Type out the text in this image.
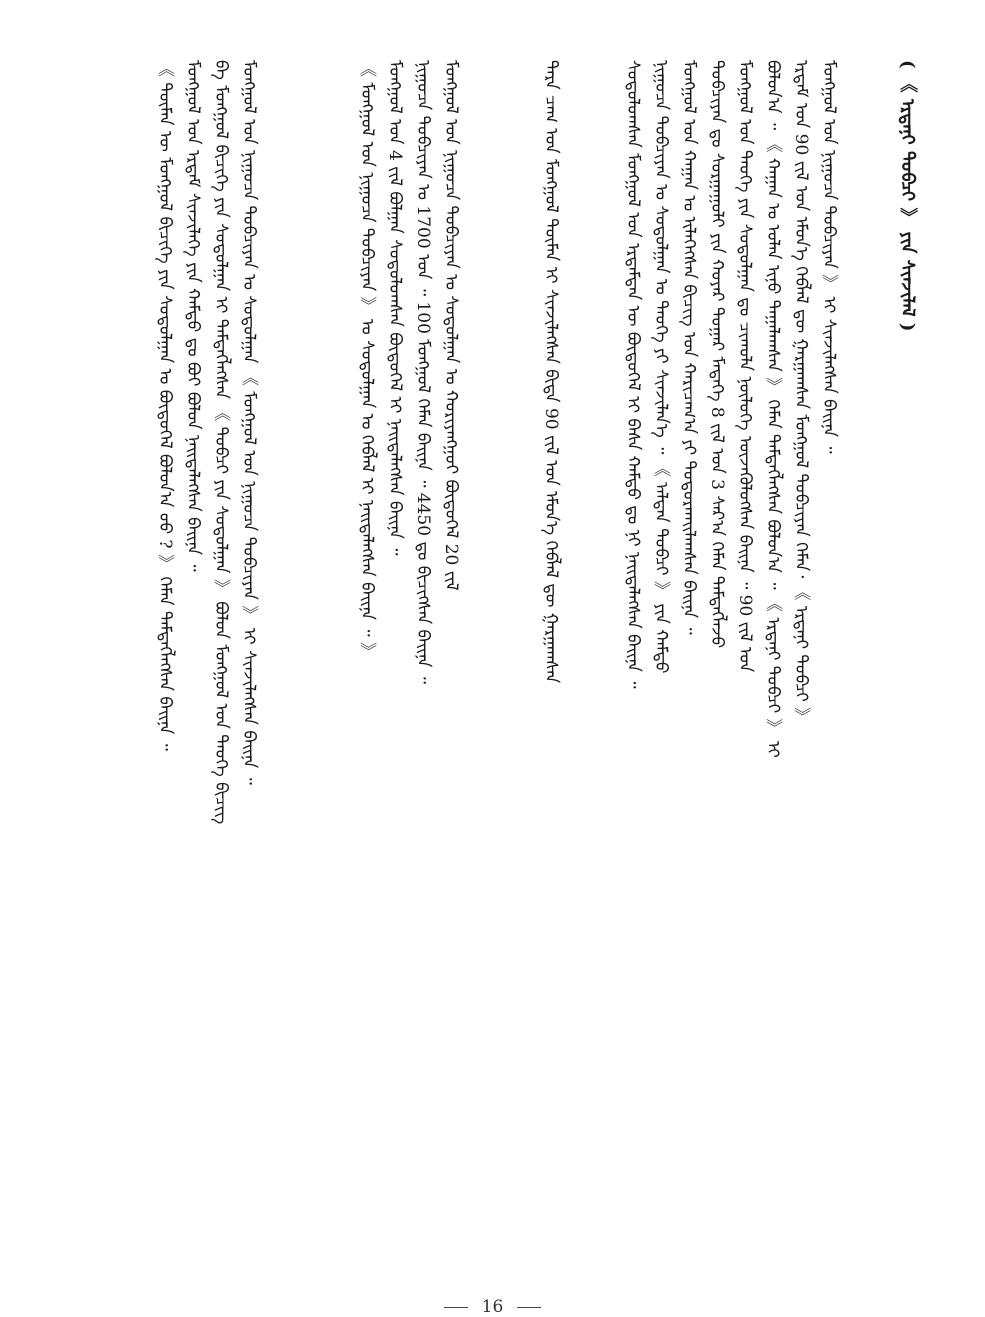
( 《 ᠡᠷᠳᠡᠨᠢ ᠲᠣᠪᠴᠢ 》 ᠶᠢᠨ ᠰᠢᠨᠵᠢᠯᠡᠯ )
ᠮᠣᠩᠭᠣᠯ ᠤᠨ ᠨᠢᠭᠤᠴᠠ ᠲᠣᠪᠴᠢᠶᠠᠨ 》 ᠢ ᠰᠢᠨᠵᠢᠯᠡᠭᠰᠡᠨ ᠪᠠᠢᠨᠠ ᠃
ᠡᠷᠳᠡᠮ ᠤᠨ 90 ᠵᠢᠯ ᠤᠨ ᠡᠮᠦᠨ᠎ᠡ ᠬᠡᠪᠯᠡᠯ ᠳᠦ ᠭᠠᠷᠭᠠᠭᠰᠠᠨ ᠮᠣᠩᠭᠣᠯ ᠲᠣᠪᠴᠢᠶᠠᠨ ᠬᠡᠮᠡᠨ᠂ 《 ᠡᠷᠳᠡᠨᠢ ᠲᠣᠪᠴᠢ 》
ᠪᠣᠯᠣᠨ᠎ᠠ ᠃ 《 ᠬᠠᠭᠠᠨ ᠤ ᠣᠯᠠᠨ ᠢᠨᠤ ᠲᠠᠭᠠᠯᠠᠭᠰᠠᠨ 》 ᠬᠡᠮᠡᠨ ᠲᠡᠮᠳᠡᠭᠯᠡᠭᠰᠡᠨ ᠪᠣᠯᠤᠨ᠎ᠠ ᠃ 《 ᠡᠷᠳᠡᠨᠢ ᠲᠣᠪᠴᠢ 》 ᠢ
ᠮᠣᠩᠭᠣᠯ ᠤᠨ ᠲᠡᠦᠬᠡ ᠶᠢᠨ ᠰᠤᠳᠤᠯᠭᠠᠨ ᠳᠤ ᠴᠢᠬᠤᠯᠠ ᠨᠥᠯᠦᠭᠡ ᠦᠵᠡᠭᠦᠯᠦᠭᠰᠡᠨ ᠪᠠᠢᠨᠠ ᠃ 90 ᠵᠢᠯ ᠤᠨ
ᠲᠣᠪᠴᠢᠶᠠᠨ ᠳᠤ ᠰᠤᠷᠭᠠᠭᠤᠯᠢ ᠶᠢᠨ ᠬᠣᠶᠠᠷ ᠳᠤᠭᠠᠷ ᠮᠡᠳᠡᠭᠡ 8 ᠵᠢᠯ ᠤᠨ 3 ᠰᠠᠷ᠎ᠠ ᠬᠡᠮᠡᠨ ᠲᠡᠮᠳᠡᠭᠯᠡᠵᠦ
ᠮᠣᠩᠭᠣᠯ ᠤᠨ ᠬᠠᠭᠠᠨ ᠤ ᠢᠯᠡᠭᠡᠭᠰᠡᠨ ᠪᠢᠴᠢᠭ ᠤᠨ ᠬᠠᠷᠢᠴᠠᠭ᠎ᠠ ᠶᠢ ᠲᠣᠳᠣᠷᠬᠠᠢᠯᠠᠭᠰᠠᠨ ᠪᠠᠢᠨᠠ ᠃
ᠨᠢᠭᠤᠴᠠ ᠲᠣᠪᠴᠢᠶᠠᠨ ᠤ ᠰᠤᠳᠤᠯᠭᠠᠨ ᠤ ᠲᠡᠦᠬᠡ ᠶᠢ ᠰᠢᠨᠵᠢᠯᠡᠨ᠎ᠡ ᠃ 《 ᠠᠯᠲᠠᠨ ᠲᠣᠪᠴᠢ 》 ᠶᠢᠨ ᠬᠠᠮᠲᠤ
ᠰᠤᠳᠤᠯᠤᠭᠰᠠᠨ ᠮᠣᠩᠭᠣᠯ ᠤᠨ ᠡᠷᠳᠡᠮᠲᠡᠨ ᠦ ᠪᠦᠲᠦᠭᠡᠯ ᠢ ᠪᠠᠰᠠ ᠬᠠᠮᠲᠤ ᠳᠤ ᠨᠢ ᠨᠡᠢᠲᠡᠯᠡᠭᠰᠡᠨ ᠪᠠᠢᠨᠠ ᠃
ᠲᠡᠷᠡ ᠴᠠᠭ ᠤᠨ ᠮᠣᠩᠭᠣᠯ ᠲᠦᠮᠡᠨ ᠢ ᠰᠢᠨᠵᠢᠯᠡᠭᠰᠡᠨ ᠪᠢᠳᠡ 90 ᠵᠢᠯ ᠤᠨ ᠡᠮᠦᠨ᠎ᠡ ᠬᠡᠪᠯᠡᠯ ᠳᠦ ᠭᠠᠷᠭᠠᠭᠰᠠᠨ
ᠮᠣᠩᠭᠣᠯ ᠤᠨ ᠨᠢᠭᠤᠴᠠ ᠲᠣᠪᠴᠢᠶᠠᠨ ᠤ ᠰᠤᠳᠤᠯᠭᠠᠨ ᠤ ᠬᠣᠷᠢᠶᠠᠩᠭᠤᠢ ᠪᠦᠲᠦᠭᠡᠯ 20 ᠵᠢᠯ
ᠨᠢᠭᠤᠴᠠ ᠲᠣᠪᠴᠢᠶᠠᠨ ᠤ 1700 ᠣᠨ ᠃ 100 ᠮᠣᠩᠭᠣᠯ ᠬᠡᠮᠡᠨ ᠪᠠᠢᠨᠠ ᠃ 4450 ᠳᠤ ᠪᠢᠴᠢᠭᠰᠡᠨ ᠪᠠᠢᠨᠠ ᠃
ᠮᠣᠩᠭᠣᠯ ᠤᠨ 4 ᠵᠢᠯ ᠪᠣᠯᠭᠠᠨ ᠰᠤᠳᠤᠯᠤᠭᠰᠠᠨ ᠪᠦᠲᠦᠭᠡᠯ ᠢ ᠨᠡᠢᠲᠡᠯᠡᠭᠰᠡᠨ ᠪᠠᠢᠨᠠ ᠃
《 ᠮᠣᠩᠭᠣᠯ ᠤᠨ ᠨᠢᠭᠤᠴᠠ ᠲᠣᠪᠴᠢᠶᠠᠨ 》 ᠤ ᠰᠤᠳᠤᠯᠭᠠᠨ ᠤ ᠬᠡᠪᠯᠡᠯ ᠢ ᠨᠡᠢᠲᠡᠯᠡᠭᠰᠡᠨ ᠪᠠᠢᠨᠠ ᠃ 》
ᠮᠣᠩᠭᠣᠯ ᠤᠨ ᠨᠢᠭᠤᠴᠠ ᠲᠣᠪᠴᠢᠶᠠᠨ ᠤ ᠰᠤᠳᠤᠯᠭᠠᠨ 《 ᠮᠣᠩᠭᠣᠯ ᠤᠨ ᠨᠢᠭᠤᠴᠠ ᠲᠣᠪᠴᠢᠶᠠᠨ 》 ᠢ ᠰᠢᠨᠵᠢᠯᠡᠭᠰᠡᠨ ᠪᠠᠢᠨᠠ ᠃
ᠪᠡ ᠮᠣᠩᠭᠣᠯ ᠪᠢᠴᠢᠭᠡ ᠶᠢᠨ ᠰᠤᠳᠤᠯᠭᠠᠨ ᠢ ᠲᠡᠮᠳᠡᠭᠯᠡᠭᠰᠡᠨ 《 ᠲᠣᠪᠴᠢ ᠶᠢᠨ ᠰᠤᠳᠤᠯᠭᠠᠨ 》 ᠪᠣᠯᠤᠨ ᠮᠣᠩᠭᠣᠯ ᠤᠨ ᠲᠡᠦᠬᠡ ᠪᠢᠴᠢᠭ
ᠮᠣᠩᠭᠣᠯ ᠤᠨ ᠡᠷᠳᠡᠮ ᠰᠢᠨᠵᠢᠯᠡᠭᠡ ᠶᠢᠨ ᠬᠠᠮᠲᠤ ᠳᠤ ᠪᠤᠢ ᠪᠣᠯᠤᠨ ᠨᠡᠢᠲᠡᠯᠡᠭᠰᠡᠨ ᠪᠠᠢᠨᠠ ᠃
《 ᠲᠦᠮᠡᠨ ᠦ ᠮᠣᠩᠭᠣᠯ ᠪᠢᠴᠢᠭᠡ ᠶᠢᠨ ᠰᠤᠳᠤᠯᠭᠠᠨ ᠤ ᠪᠦᠲᠦᠭᠡᠯ ᠪᠣᠯᠤᠨ᠎ᠠ ᠤᠤ ? 》 ᠬᠡᠮᠡᠨ ᠲᠡᠮᠳᠡᠭᠯᠡᠭᠰᠡᠨ ᠪᠠᠢᠨᠠ ᠃
16
